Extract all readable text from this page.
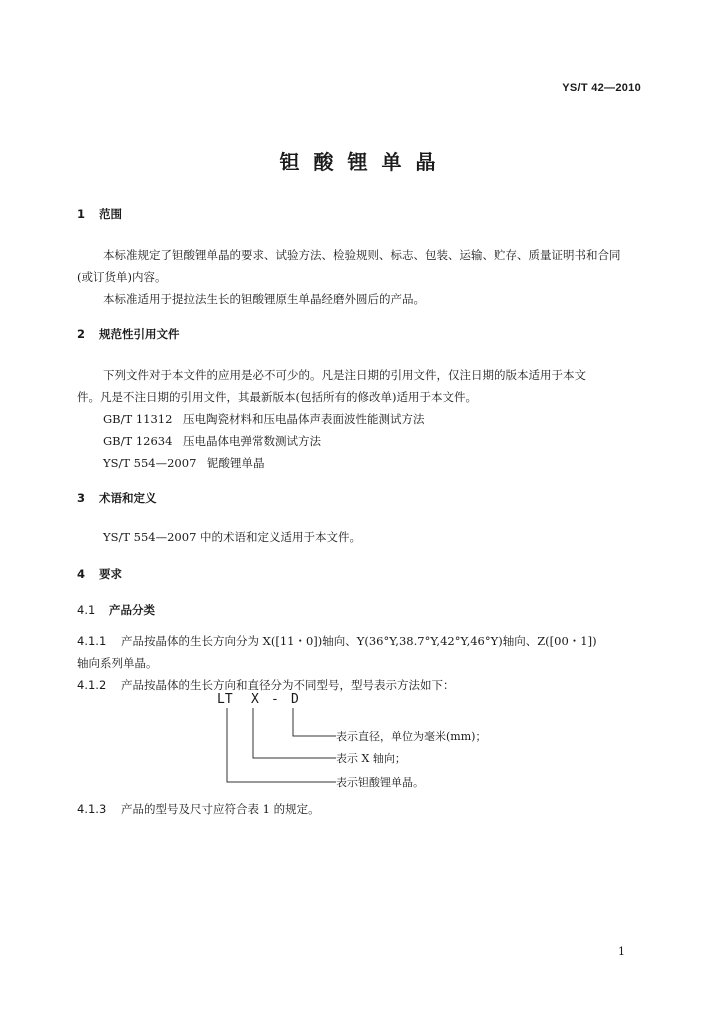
YS/T 42—2010
钽酸锂单晶
1 范围
本标准规定了钽酸锂单晶的要求、试验方法、检验规则、标志、包装、运输、贮存、质量证明书和合同
(或订货单)内容。
本标准适用于提拉法生长的钽酸锂原生单晶经磨外圆后的产品。
2 规范性引用文件
下列文件对于本文件的应用是必不可少的。凡是注日期的引用文件，仅注日期的版本适用于本文
件。凡是不注日期的引用文件，其最新版本(包括所有的修改单)适用于本文件。
GB/T 11312 压电陶瓷材料和压电晶体声表面波性能测试方法
GB/T 12634 压电晶体电弹常数测试方法
YS/T 554—2007 铌酸锂单晶
3 术语和定义
YS/T 554—2007 中的术语和定义适用于本文件。
4 要求
4.1 产品分类
4.1.1 产品按晶体的生长方向分为 X([11・0])轴向、Y(36°Y,38.7°Y,42°Y,46°Y)轴向、Z([00・1])
轴向系列单晶。
4.1.2 产品按晶体的生长方向和直径分为不同型号，型号表示方法如下：
LT X - D
表示直径，单位为毫米(mm)；
表示 X 轴向；
表示钽酸锂单晶。
4.1.3 产品的型号及尺寸应符合表 1 的规定。
1
